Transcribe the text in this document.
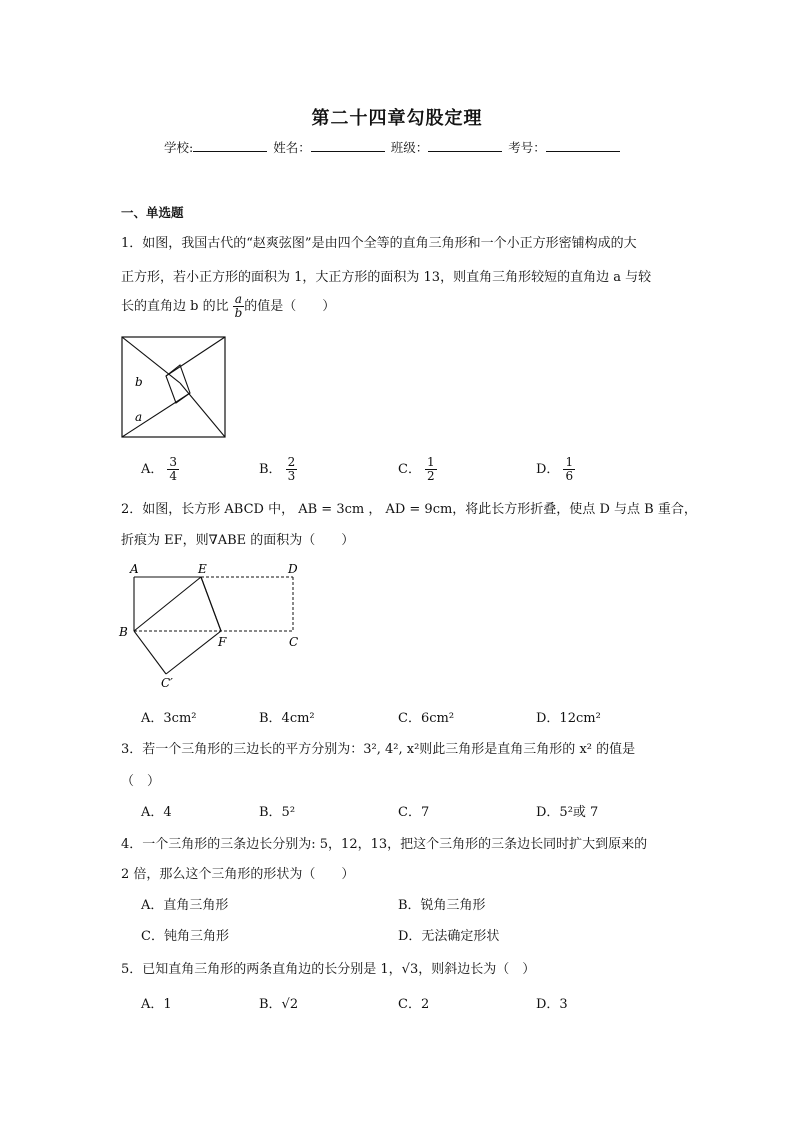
第二十四章勾股定理
学校:	姓名：	班级：	考号：
一、单选题
1．如图，我国古代的“赵爽弦图”是由四个全等的直角三角形和一个小正方形密铺构成的大
正方形，若小正方形的面积为 1，大正方形的面积为 13，则直角三角形较短的直角边 a 与较
长的直角边 b 的比 $\frac{a}{b}$ 的值是（　　）
b
a
A． $\frac{3}{4}$	B． $\frac{2}{3}$	C． $\frac{1}{2}$	D． $\frac{1}{6}$
2．如图，长方形 ABCD 中， AB = 3cm ， AD = 9cm，将此长方形折叠，使点 D 与点 B 重合，
折痕为 EF，则∇ABE 的面积为（　　）
A	E	D
B
F	C
C′
A．3cm²	B．4cm²	C．6cm²	D．12cm²
3．若一个三角形的三边长的平方分别为：3², 4², x²则此三角形是直角三角形的 x² 的值是
（　）
A．4	B．5²	C．7	D．5²或 7
4．一个三角形的三条边长分别为: 5，12，13，把这个三角形的三条边长同时扩大到原来的
2 倍，那么这个三角形的形状为（　　）
A．直角三角形	B．锐角三角形
C．钝角三角形	D．无法确定形状
5．已知直角三角形的两条直角边的长分别是 1，√3，则斜边长为（　）
A．1	B．√2	C．2	D．3
